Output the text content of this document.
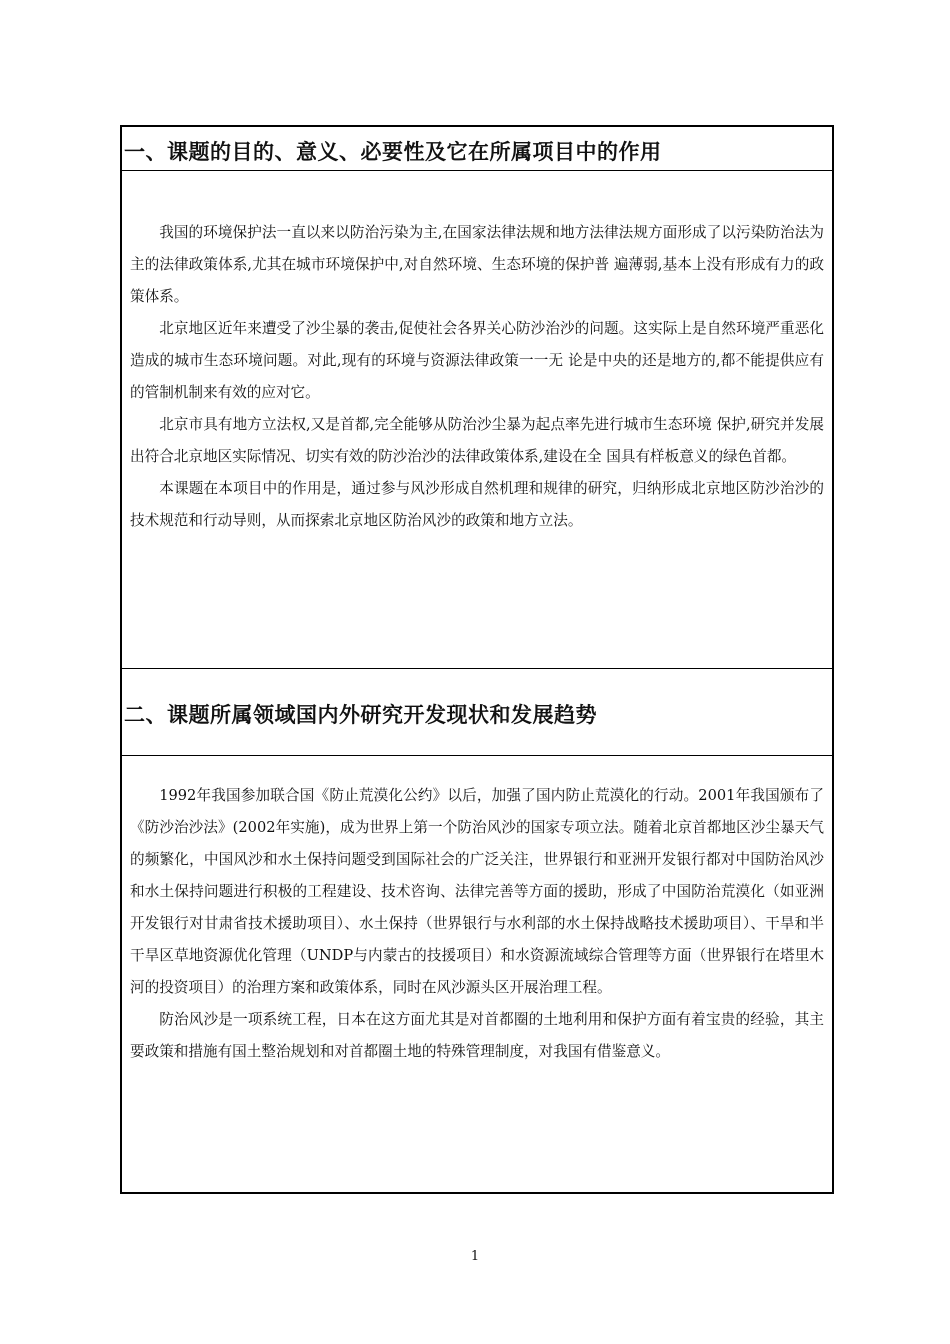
一、课题的目的、意义、必要性及它在所属项目中的作用

我国的环境保护法一直以来以防治污染为主,在国家法律法规和地方法律法规方面形成了以污染防治法为主的法律政策体系,尤其在城市环境保护中,对自然环境、生态环境的保护普 遍薄弱,基本上没有形成有力的政策体系。

北京地区近年来遭受了沙尘暴的袭击,促使社会各界关心防沙治沙的问题。这实际上是自然环境严重恶化造成的城市生态环境问题。对此,现有的环境与资源法律政策一一无 论是中央的还是地方的,都不能提供应有的管制机制来有效的应对它。

北京市具有地方立法权,又是首都,完全能够从防治沙尘暴为起点率先进行城市生态环境 保护,研究并发展出符合北京地区实际情况、切实有效的防沙治沙的法律政策体系,建设在全 国具有样板意义的绿色首都。

本课题在本项目中的作用是，通过参与风沙形成自然机理和规律的研究，归纳形成北京地区防沙治沙的技术规范和行动导则，从而探索北京地区防治风沙的政策和地方立法。

二、课题所属领域国内外研究开发现状和发展趋势

1992年我国参加联合国《防止荒漠化公约》以后，加强了国内防止荒漠化的行动。2001年我国颁布了《防沙治沙法》(2002年实施)，成为世界上第一个防治风沙的国家专项立法。随着北京首都地区沙尘暴天气的频繁化，中国风沙和水土保持问题受到国际社会的广泛关注，世界银行和亚洲开发银行都对中国防治风沙和水土保持问题进行积极的工程建设、技术咨询、法律完善等方面的援助，形成了中国防治荒漠化（如亚洲开发银行对甘肃省技术援助项目）、水土保持（世界银行与水利部的水土保持战略技术援助项目）、干旱和半干旱区草地资源优化管理（UNDP与内蒙古的技援项目）和水资源流域综合管理等方面（世界银行在塔里木河的投资项目）的治理方案和政策体系，同时在风沙源头区开展治理工程。

防治风沙是一项系统工程，日本在这方面尤其是对首都圈的土地利用和保护方面有着宝贵的经验，其主要政策和措施有国土整治规划和对首都圈土地的特殊管理制度，对我国有借鉴意义。

1
